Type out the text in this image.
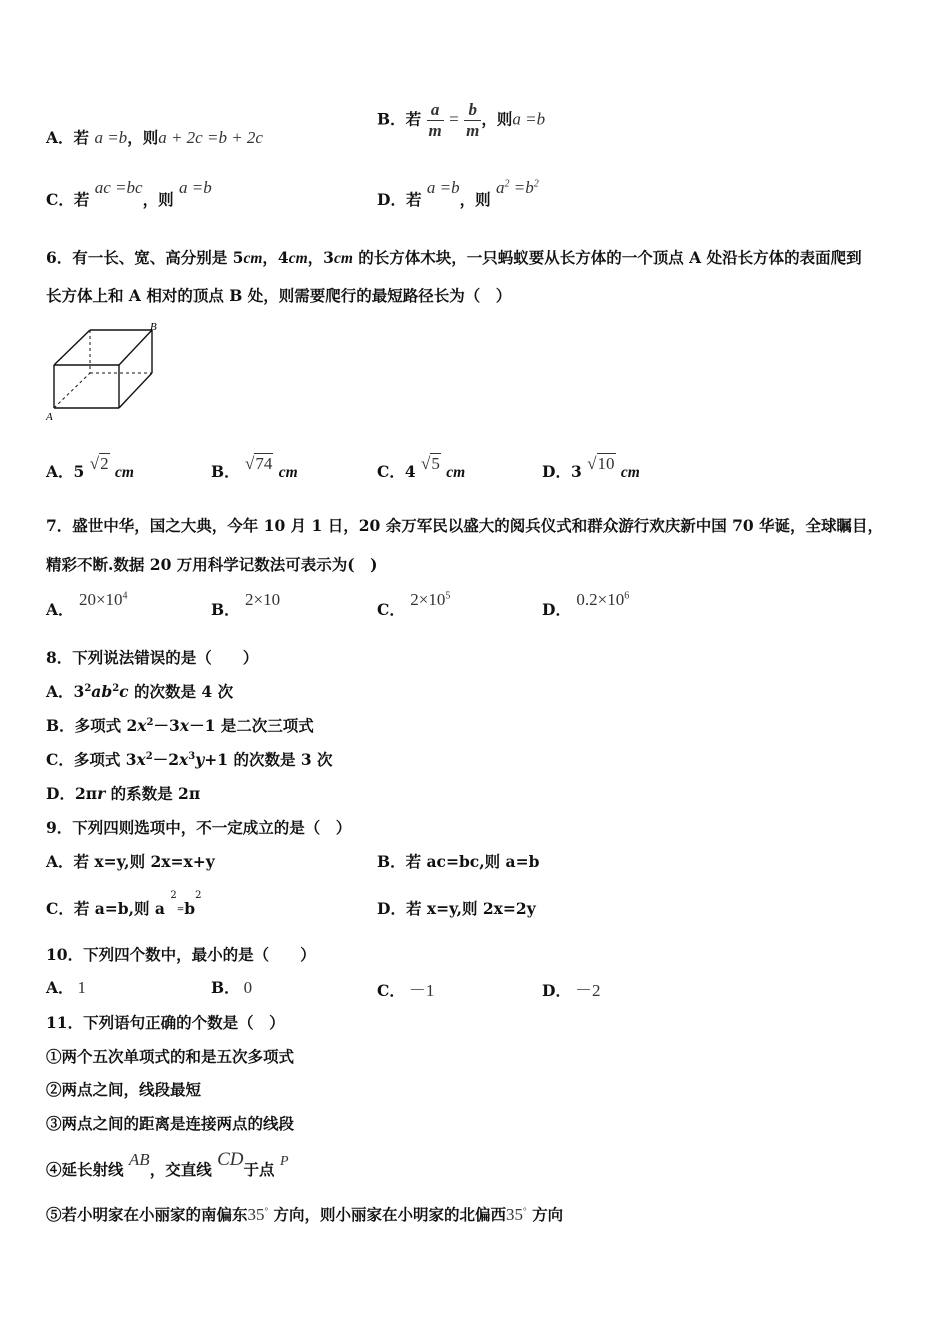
A．若 a =b，则a + 2c =b + 2c
B．若 $\frac{a}{m} = \frac{b}{m}$ ，则a =b
C．若 ac =bc，则 a =b
D．若 a =b，则 $a^2 =b^2$
6．有一长、宽、高分别是 5cm，4cm，3cm 的长方体木块，一只蚂蚁要从长方体的一个顶点 A 处沿长方体的表面爬到
长方体上和 A 相对的顶点 B 处，则需要爬行的最短路径长为（　）
A
B
A．5 √2 cm	B． √74 cm	C．4 √5 cm	D．3 √10 cm
7．盛世中华，国之大典，今年 10 月 1 日，20 余万军民以盛大的阅兵仪式和群众游行欢庆新中国 70 华诞，全球瞩目，
精彩不断.数据 20 万用科学记数法可表示为(　)
A． $20\times 10^4$
B． 2×10
C． $2\times 10^5$
D． $0.2\times 10^6$
8．下列说法错误的是（　　）
A．$3^2ab^2c$ 的次数是 4 次
B．多项式 $2x^2-3x-1$ 是二次三项式
C．多项式 $3x^2-2x^3y+1$ 的次数是 3 次
D．2πr 的系数是 2π
9．下列四则选项中，不一定成立的是（　）
A．若 x=y,则 2x=x+y	B．若 ac=bc,则 a=b
C．若 a=b,则 a $^2=b^2$
D．若 x=y,则 2x=2y
10．下列四个数中，最小的是（　　）
A． 1	B． 0	C． －1	D． －2
11．下列语句正确的个数是（　）
①两个五次单项式的和是五次多项式
②两点之间，线段最短
③两点之间的距离是连接两点的线段
④延长射线 AB，交直线 CD于点 P
⑤若小明家在小丽家的南偏东35° 方向，则小丽家在小明家的北偏西35° 方向
